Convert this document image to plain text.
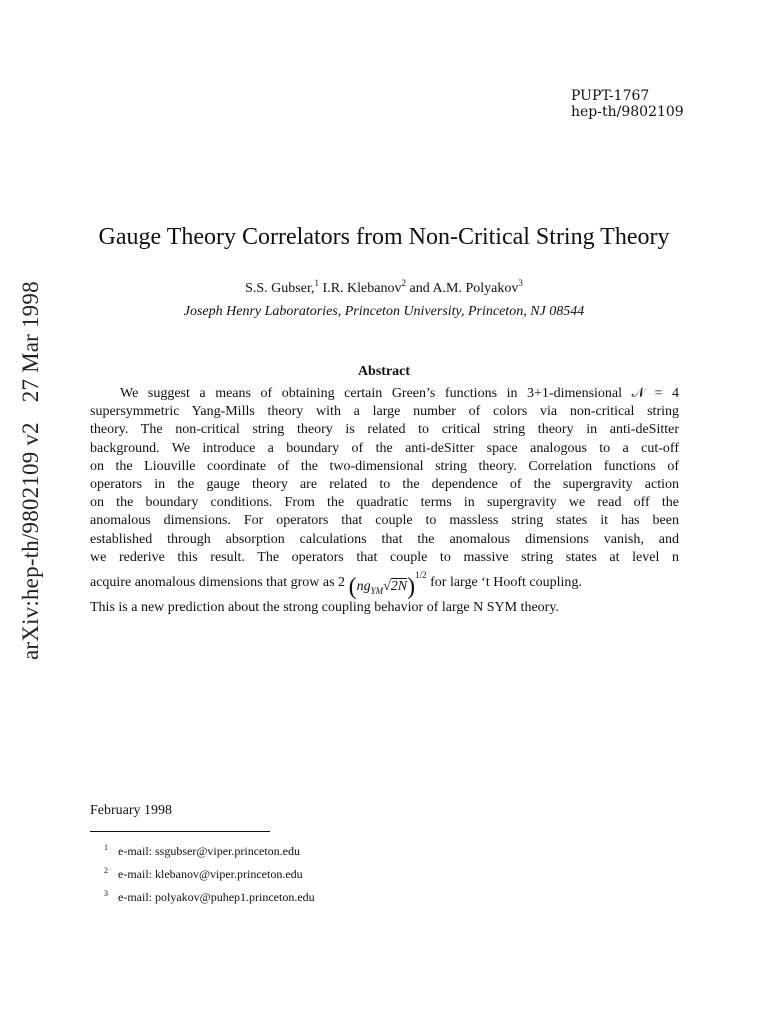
PUPT-1767
hep-th/9802109
arXiv:hep-th/9802109 v227 Mar 1998
Gauge Theory Correlators from Non-Critical String Theory
S.S. Gubser,$^1$ I.R. Klebanov$^2$ and A.M. Polyakov$^3$
Joseph Henry Laboratories, Princeton University, Princeton, NJ 08544
Abstract
We suggest a means of obtaining certain Green’s functions in 3+1-dimensional 𝒩 = 4
supersymmetric Yang-Mills theory with a large number of colors via non-critical string
theory. The non-critical string theory is related to critical string theory in anti-deSitter
background. We introduce a boundary of the anti-deSitter space analogous to a cut-off
on the Liouville coordinate of the two-dimensional string theory. Correlation functions of
operators in the gauge theory are related to the dependence of the supergravity action
on the boundary conditions. From the quadratic terms in supergravity we read off the
anomalous dimensions. For operators that couple to massless string states it has been
established through absorption calculations that the anomalous dimensions vanish, and
we rederive this result. The operators that couple to massive string states at level n
acquire anomalous dimensions that grow as 2 $(ng_{YM}√2N)^{1/2}$ for large ‘t Hooft coupling.
This is a new prediction about the strong coupling behavior of large N SYM theory.
February 1998
1 e-mail: ssgubser@viper.princeton.edu
2 e-mail: klebanov@viper.princeton.edu
3 e-mail: polyakov@puhep1.princeton.edu
